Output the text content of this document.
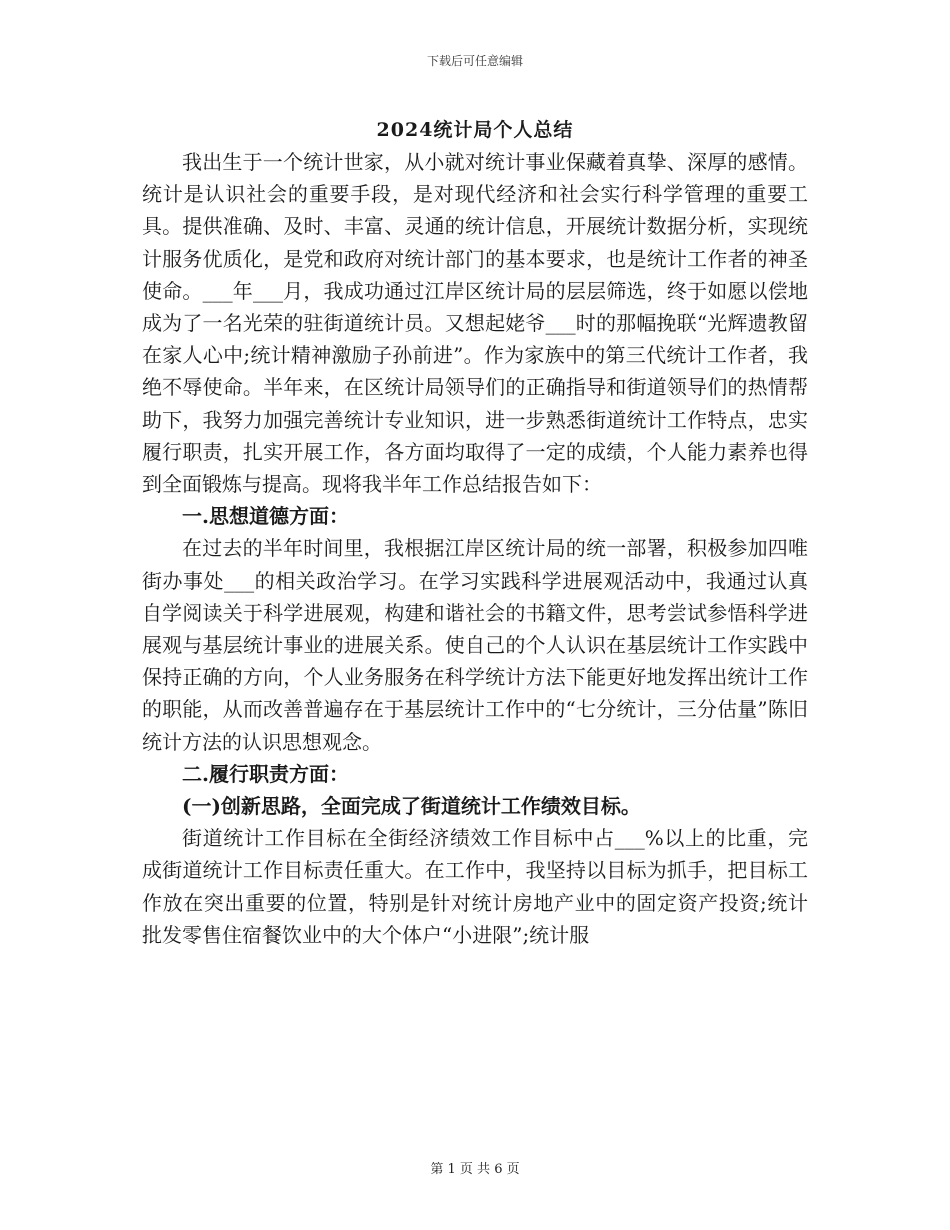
下载后可任意编辑
2024统计局个人总结

我出生于一个统计世家，从小就对统计事业保藏着真挚、深厚的感情。统计是认识社会的重要手段，是对现代经济和社会实行科学管理的重要工具。提供准确、及时、丰富、灵通的统计信息，开展统计数据分析，实现统计服务优质化，是党和政府对统计部门的基本要求，也是统计工作者的神圣使命。___年___月，我成功通过江岸区统计局的层层筛选，终于如愿以偿地成为了一名光荣的驻街道统计员。又想起姥爷___时的那幅挽联“光辉遗教留在家人心中;统计精神激励子孙前进”。作为家族中的第三代统计工作者，我绝不辱使命。半年来，在区统计局领导们的正确指导和街道领导们的热情帮助下，我努力加强完善统计专业知识，进一步熟悉街道统计工作特点，忠实履行职责，扎实开展工作，各方面均取得了一定的成绩，个人能力素养也得到全面锻炼与提高。现将我半年工作总结报告如下：

一.思想道德方面：

在过去的半年时间里，我根据江岸区统计局的统一部署，积极参加四唯街办事处___的相关政治学习。在学习实践科学进展观活动中，我通过认真自学阅读关于科学进展观，构建和谐社会的书籍文件，思考尝试参悟科学进展观与基层统计事业的进展关系。使自己的个人认识在基层统计工作实践中保持正确的方向，个人业务服务在科学统计方法下能更好地发挥出统计工作的职能，从而改善普遍存在于基层统计工作中的“七分统计，三分估量”陈旧统计方法的认识思想观念。

二.履行职责方面：

(一)创新思路，全面完成了街道统计工作绩效目标。

街道统计工作目标在全街经济绩效工作目标中占___%以上的比重，完成街道统计工作目标责任重大。在工作中，我坚持以目标为抓手，把目标工作放在突出重要的位置，特别是针对统计房地产业中的固定资产投资;统计批发零售住宿餐饮业中的大个体户“小进限”;统计服

第 1 页 共 6 页
